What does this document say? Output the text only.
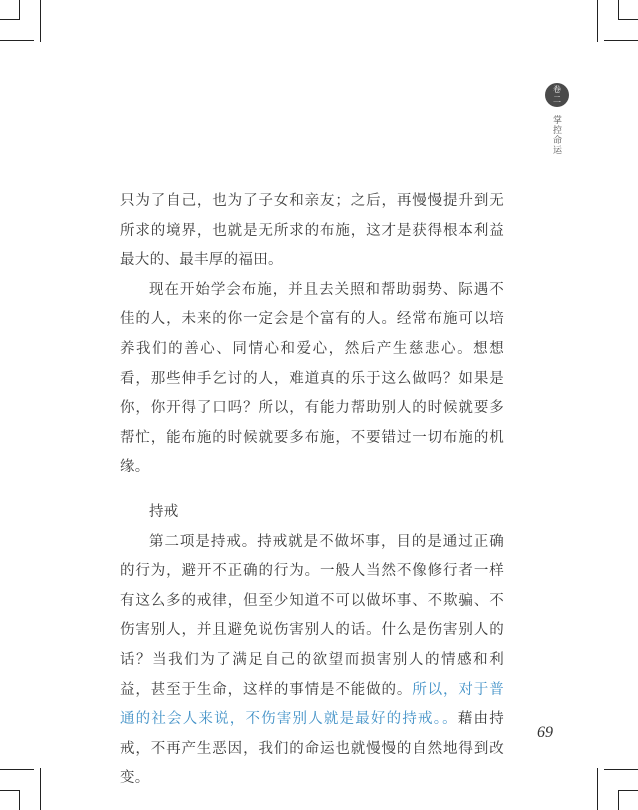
卷
二
掌控命运

只为了自己，也为了子女和亲友；之后，再慢慢提升到无所求的境界，也就是无所求的布施，这才是获得根本利益最大的、最丰厚的福田。

现在开始学会布施，并且去关照和帮助弱势、际遇不佳的人，未来的你一定会是个富有的人。经常布施可以培养我们的善心、同情心和爱心，然后产生慈悲心。想想看，那些伸手乞讨的人，难道真的乐于这么做吗？如果是你，你开得了口吗？所以，有能力帮助别人的时候就要多帮忙，能布施的时候就要多布施，不要错过一切布施的机缘。

持戒

第二项是持戒。持戒就是不做坏事，目的是通过正确的行为，避开不正确的行为。一般人当然不像修行者一样有这么多的戒律，但至少知道不可以做坏事、不欺骗、不伤害别人，并且避免说伤害别人的话。什么是伤害别人的话？当我们为了满足自己的欲望而损害别人的情感和利益，甚至于生命，这样的事情是不能做的。所以，对于普通的社会人来说，不伤害别人就是最好的持戒。。藉由持戒，不再产生恶因，我们的命运也就慢慢的自然地得到改变。

69
